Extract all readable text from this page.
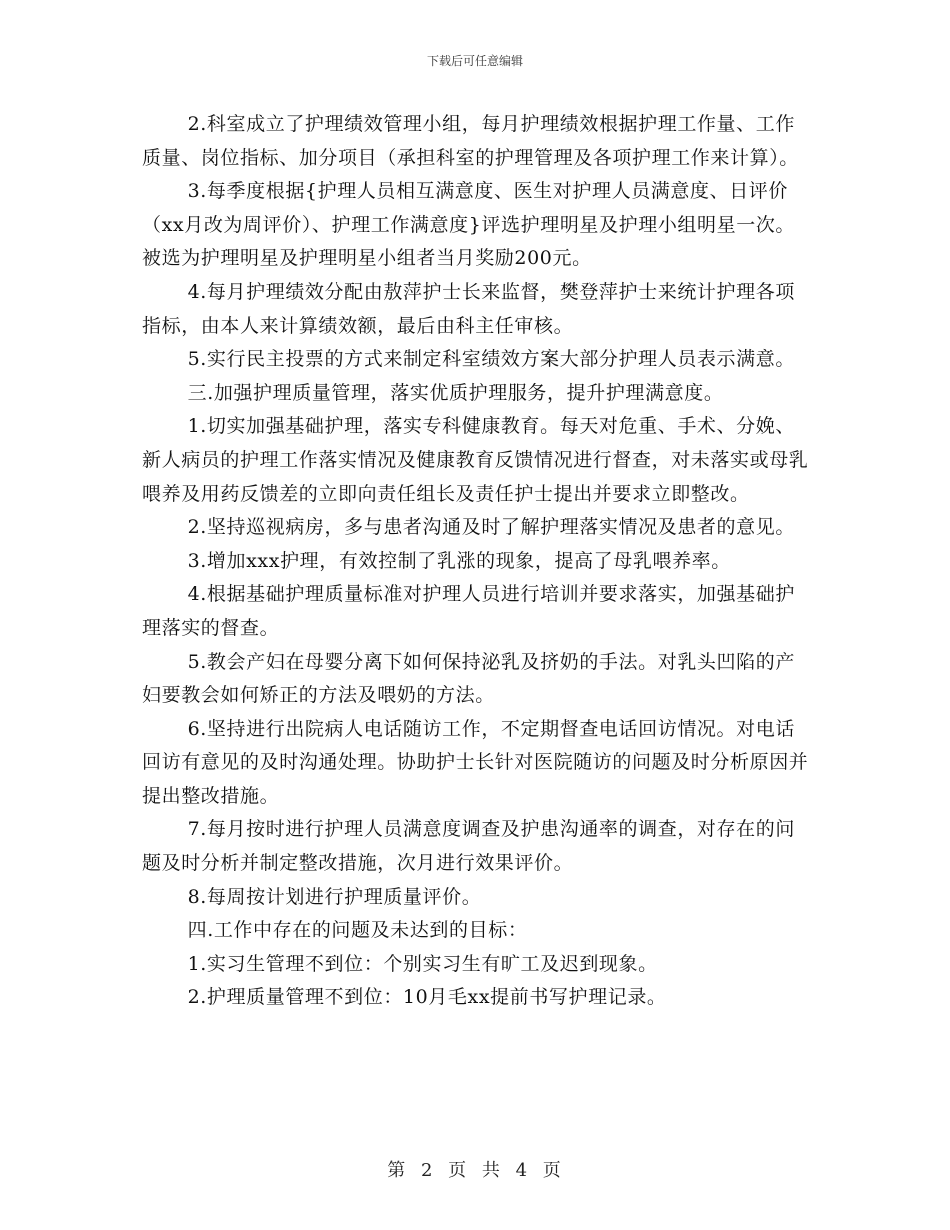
下载后可任意编辑

2.科室成立了护理绩效管理小组，每月护理绩效根据护理工作量、工作质量、岗位指标、加分项目（承担科室的护理管理及各项护理工作来计算）。

3.每季度根据{护理人员相互满意度、医生对护理人员满意度、日评价（xx月改为周评价）、护理工作满意度}评选护理明星及护理小组明星一次。被选为护理明星及护理明星小组者当月奖励200元。

4.每月护理绩效分配由敖萍护士长来监督，樊登萍护士来统计护理各项指标，由本人来计算绩效额，最后由科主任审核。

5.实行民主投票的方式来制定科室绩效方案大部分护理人员表示满意。

三.加强护理质量管理，落实优质护理服务，提升护理满意度。

1.切实加强基础护理，落实专科健康教育。每天对危重、手术、分娩、新人病员的护理工作落实情况及健康教育反馈情况进行督查，对未落实或母乳喂养及用药反馈差的立即向责任组长及责任护士提出并要求立即整改。

2.坚持巡视病房，多与患者沟通及时了解护理落实情况及患者的意见。

3.增加xxx护理，有效控制了乳涨的现象，提高了母乳喂养率。

4.根据基础护理质量标准对护理人员进行培训并要求落实，加强基础护理落实的督查。

5.教会产妇在母婴分离下如何保持泌乳及挤奶的手法。对乳头凹陷的产妇要教会如何矫正的方法及喂奶的方法。

6.坚持进行出院病人电话随访工作，不定期督查电话回访情况。对电话回访有意见的及时沟通处理。协助护士长针对医院随访的问题及时分析原因并提出整改措施。

7.每月按时进行护理人员满意度调查及护患沟通率的调查，对存在的问题及时分析并制定整改措施，次月进行效果评价。

8.每周按计划进行护理质量评价。

四.工作中存在的问题及未达到的目标：

1.实习生管理不到位：个别实习生有旷工及迟到现象。

2.护理质量管理不到位：10月毛xx提前书写护理记录。

第 2 页 共 4 页
